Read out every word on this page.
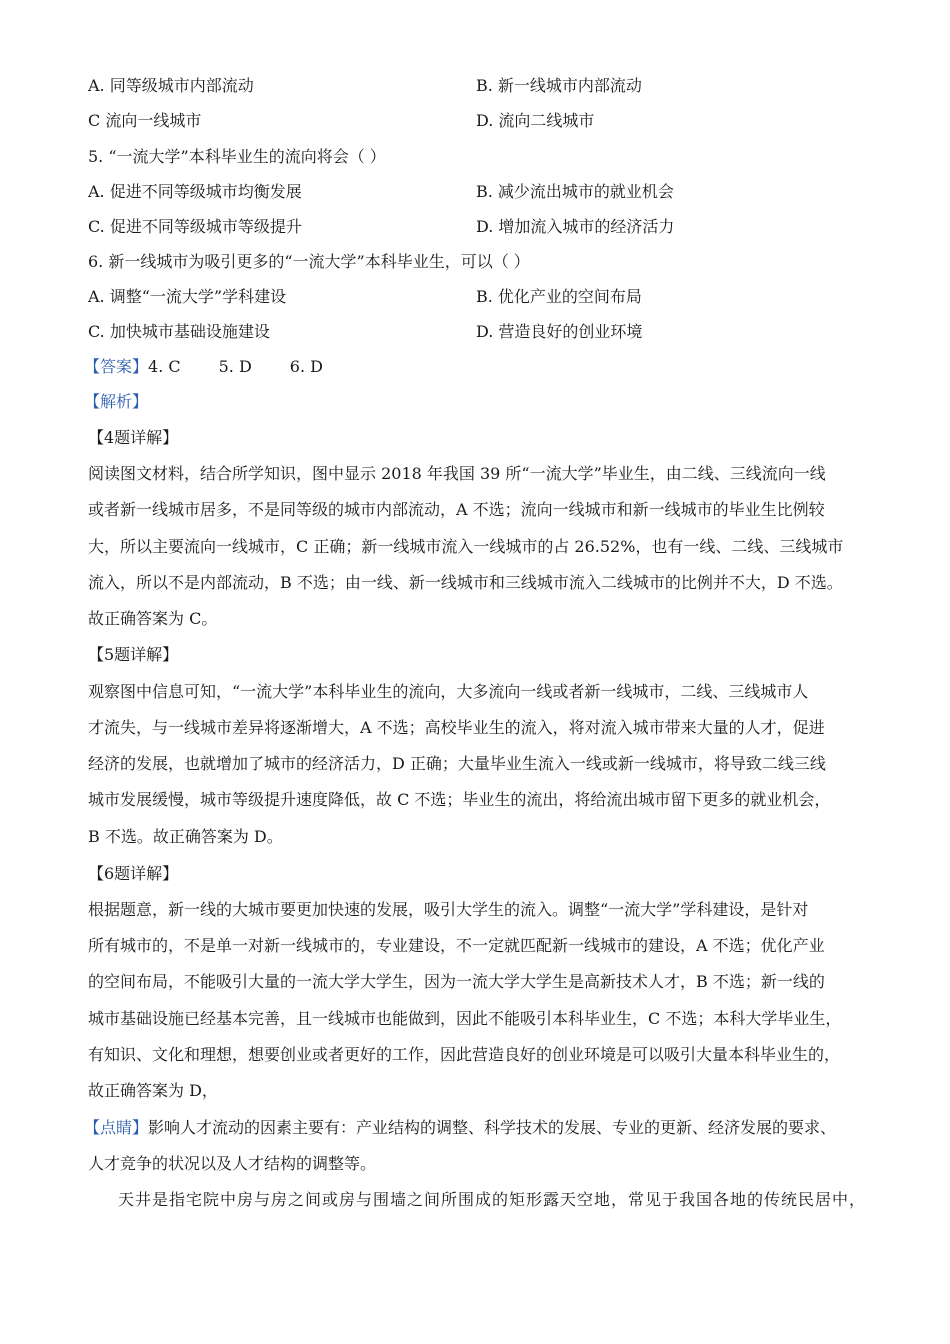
A. 同等级城市内部流动	B. 新一线城市内部流动
C 流向一线城市	D. 流向二线城市
5. “一流大学”本科毕业生的流向将会（ ）
A. 促进不同等级城市均衡发展	B. 减少流出城市的就业机会
C. 促进不同等级城市等级提升	D. 增加流入城市的经济活力
6. 新一线城市为吸引更多的“一流大学”本科毕业生，可以（ ）
A. 调整“一流大学”学科建设	B. 优化产业的空间布局
C. 加快城市基础设施建设	D. 营造良好的创业环境
【答案】4. C 5. D 6. D
【解析】
【4题详解】
阅读图文材料，结合所学知识，图中显示 2018 年我国 39 所“一流大学”毕业生，由二线、三线流向一线
或者新一线城市居多，不是同等级的城市内部流动，A 不选；流向一线城市和新一线城市的毕业生比例较
大，所以主要流向一线城市，C 正确；新一线城市流入一线城市的占 26.52%，也有一线、二线、三线城市
流入，所以不是内部流动，B 不选；由一线、新一线城市和三线城市流入二线城市的比例并不大，D 不选。
故正确答案为 C。
【5题详解】
观察图中信息可知，“一流大学”本科毕业生的流向，大多流向一线或者新一线城市，二线、三线城市人
才流失，与一线城市差异将逐渐增大，A 不选；高校毕业生的流入，将对流入城市带来大量的人才，促进
经济的发展，也就增加了城市的经济活力，D 正确；大量毕业生流入一线或新一线城市，将导致二线三线
城市发展缓慢，城市等级提升速度降低，故 C 不选；毕业生的流出，将给流出城市留下更多的就业机会，
B 不选。故正确答案为 D。
【6题详解】
根据题意，新一线的大城市要更加快速的发展，吸引大学生的流入。调整“一流大学”学科建设，是针对
所有城市的，不是单一对新一线城市的，专业建设，不一定就匹配新一线城市的建设，A 不选；优化产业
的空间布局，不能吸引大量的一流大学大学生，因为一流大学大学生是高新技术人才，B 不选；新一线的
城市基础设施已经基本完善，且一线城市也能做到，因此不能吸引本科毕业生，C 不选；本科大学毕业生，
有知识、文化和理想，想要创业或者更好的工作，因此营造良好的创业环境是可以吸引大量本科毕业生的，
故正确答案为 D，
【点睛】影响人才流动的因素主要有：产业结构的调整、科学技术的发展、专业的更新、经济发展的要求、
人才竞争的状况以及人才结构的调整等。
天井是指宅院中房与房之间或房与围墙之间所围成的矩形露天空地，常见于我国各地的传统民居中，
